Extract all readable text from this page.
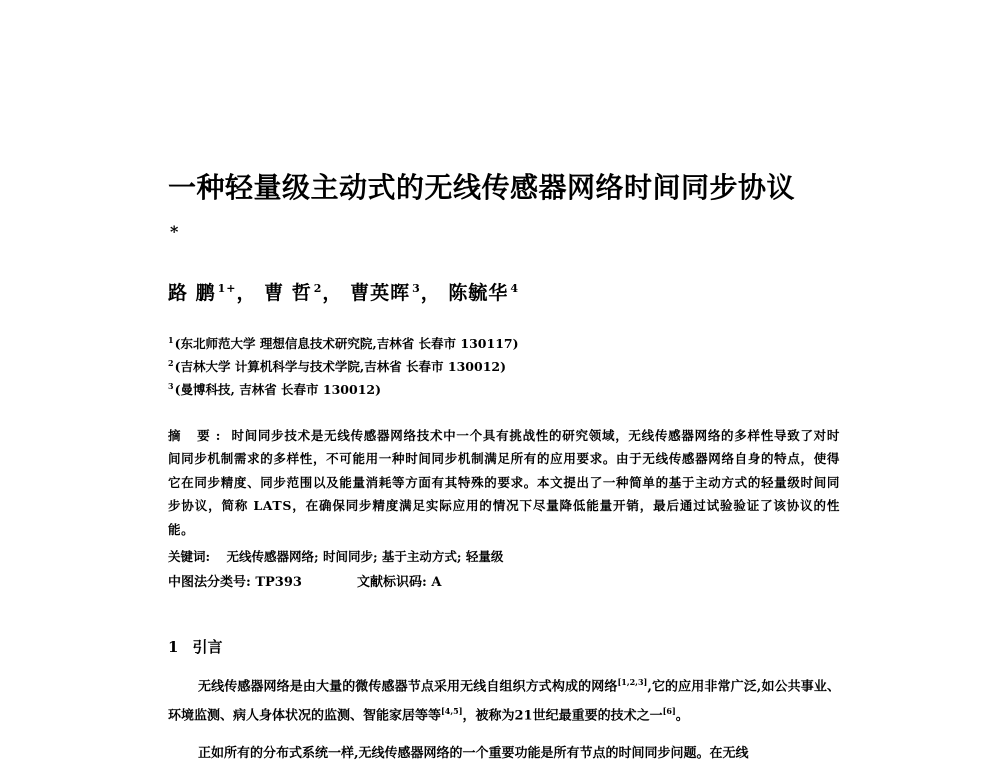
一种轻量级主动式的无线传感器网络时间同步协议
*
路 鹏 $^{1+}$， 曹 哲 $^2$， 曹英晖 $^3$， 陈毓华 $^4$
$^1$(东北师范大学 理想信息技术研究院,吉林省 长春市 130117)
$^2$(吉林大学 计算机科学与技术学院,吉林省 长春市 130012)
$^3$(曼博科技, 吉林省 长春市 130012)
摘 要: 时间同步技术是无线传感器网络技术中一个具有挑战性的研究领域，无线传感器网络的多样性导致了对时间同步机制需求的多样性，不可能用一种时间同步机制满足所有的应用要求。由于无线传感器网络自身的特点，使得它在同步精度、同步范围以及能量消耗等方面有其特殊的要求。本文提出了一种简单的基于主动方式的轻量级时间同步协议，简称 LATS，在确保同步精度满足实际应用的情况下尽量降低能量开销，最后通过试验验证了该协议的性能。
关键词: 无线传感器网络; 时间同步; 基于主动方式; 轻量级
中图法分类号: TP393	文献标识码: A
1 引言
无线传感器网络是由大量的微传感器节点采用无线自组织方式构成的网络[1,2,3],它的应用非常广泛,如公共事业、环境监测、病人身体状况的监测、智能家居等等[4,5]，被称为21世纪最重要的技术之一[6]。
正如所有的分布式系统一样,无线传感器网络的一个重要功能是所有节点的时间同步问题。在无线
